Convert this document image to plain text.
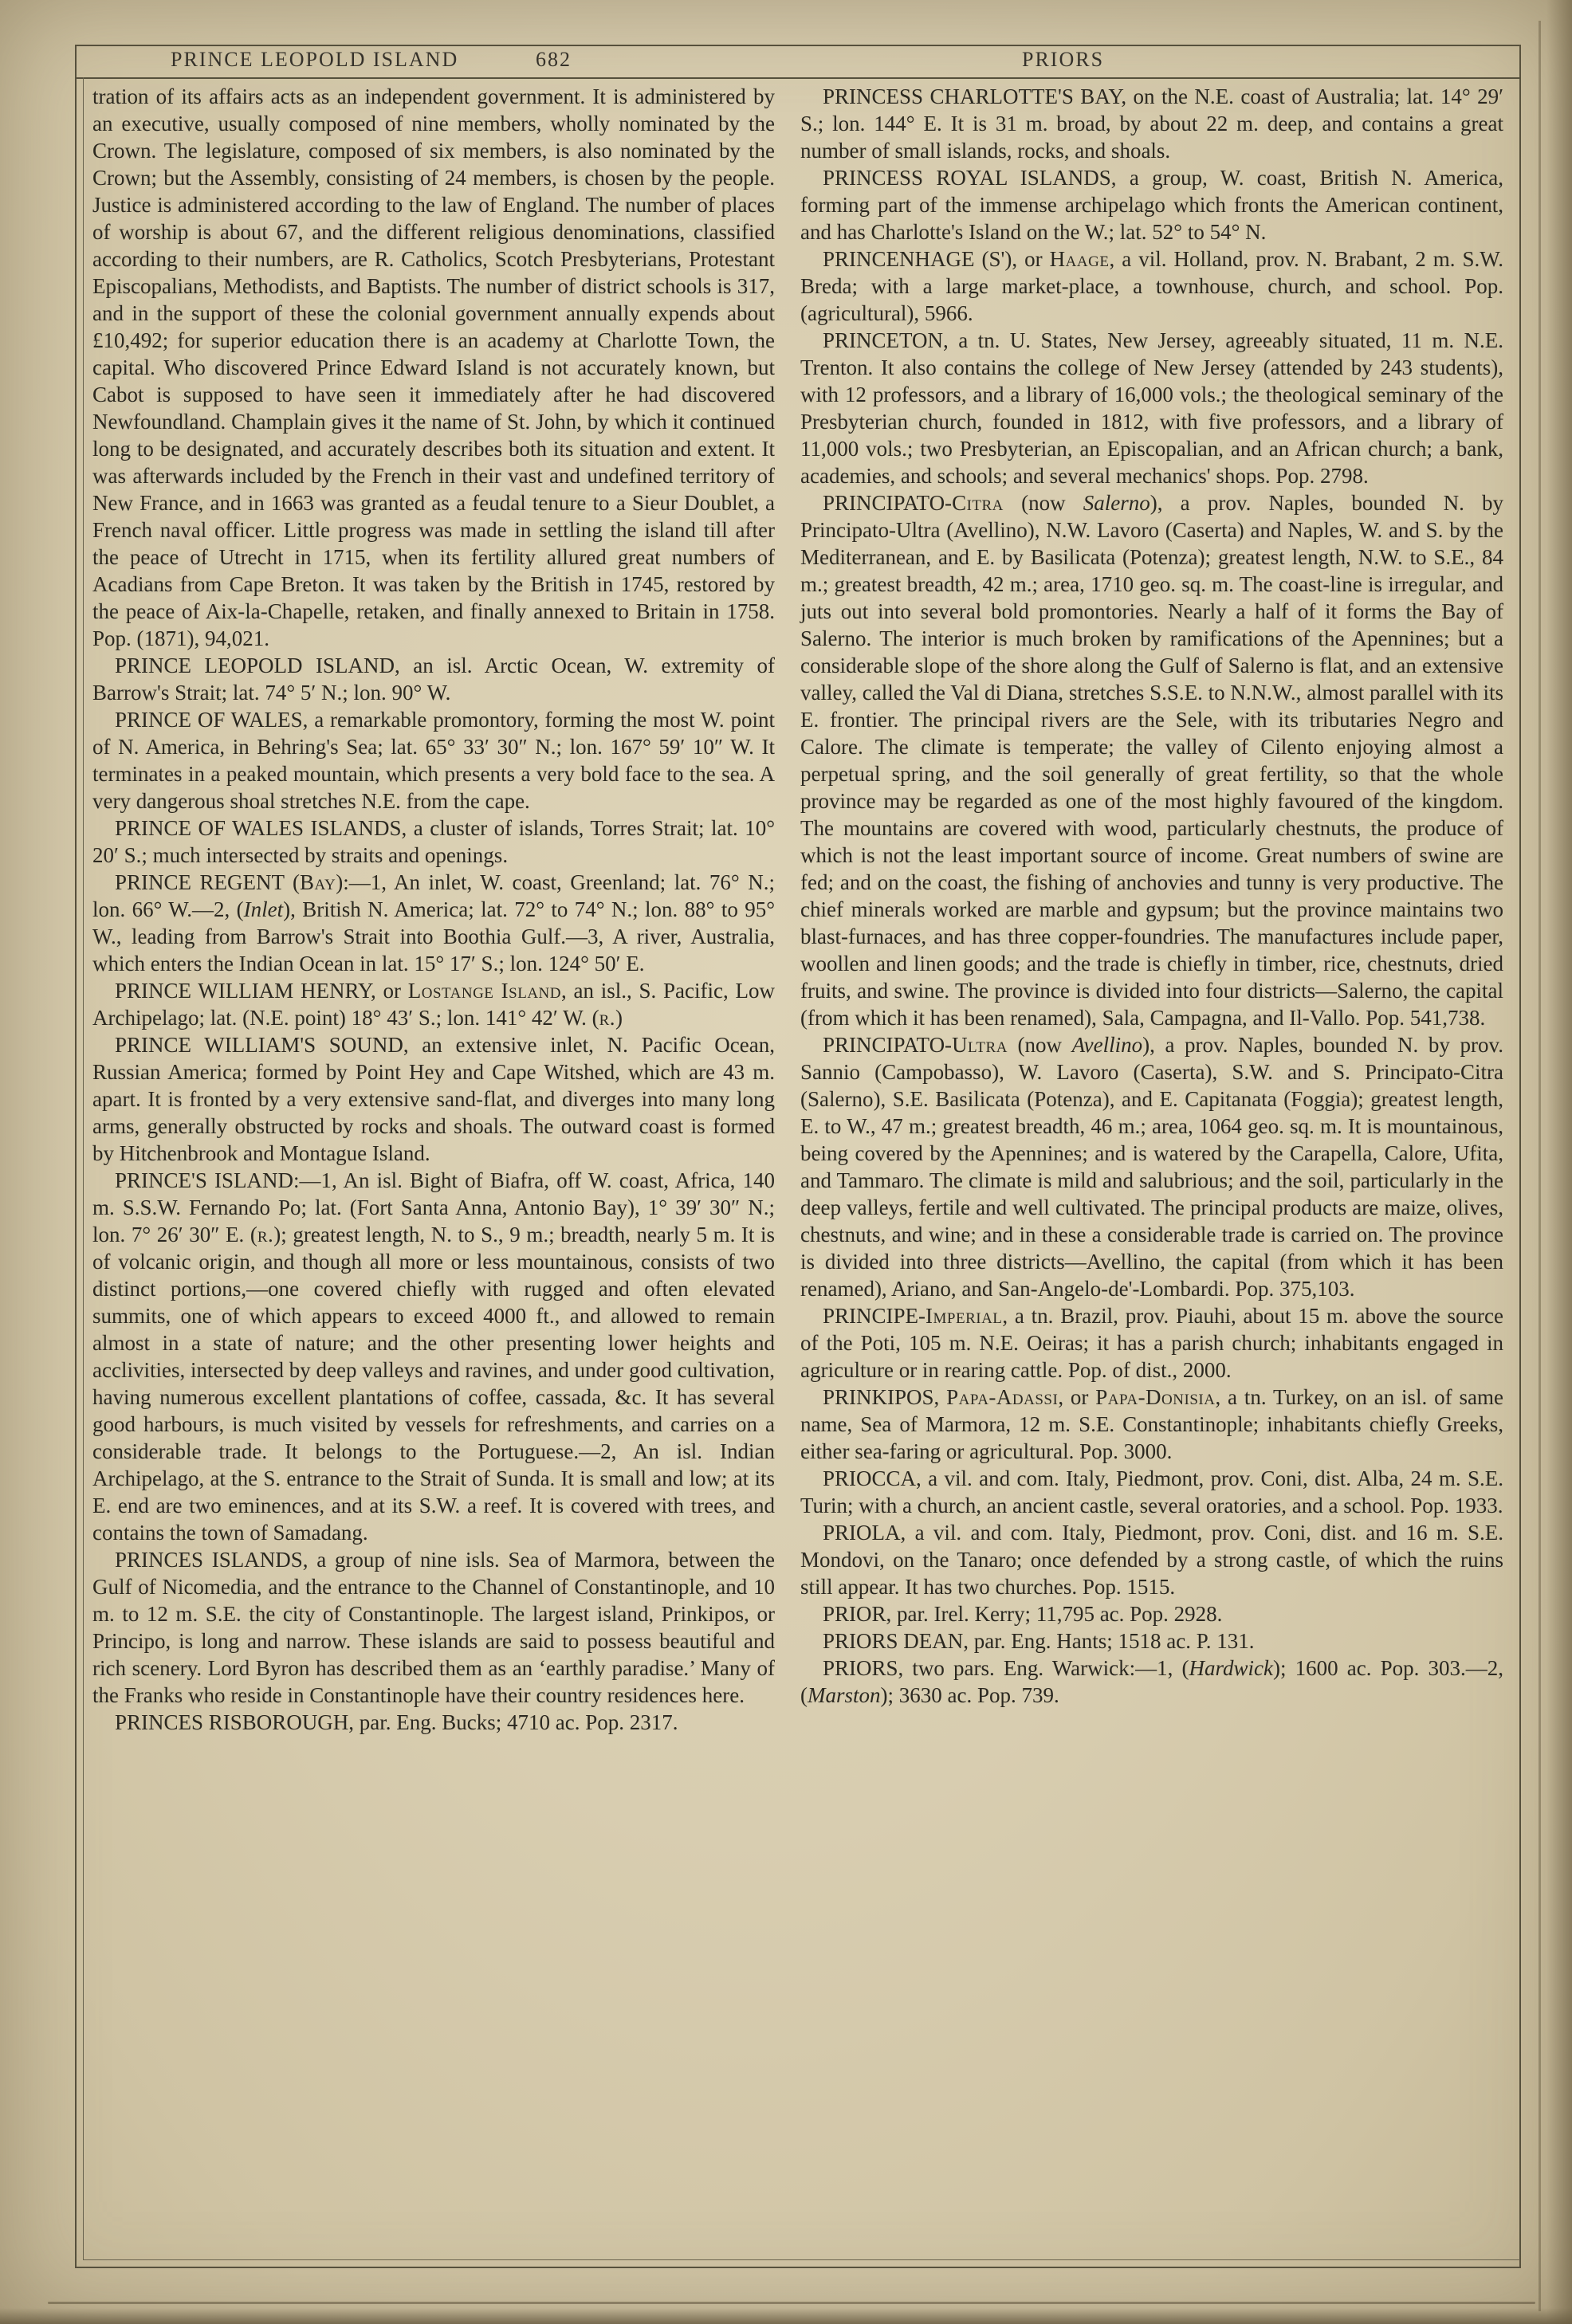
PRINCE LEOPOLD ISLAND	682	PRIORS

tration of its affairs acts as an independent government. It is administered by an executive, usually composed of nine members, wholly nominated by the Crown. The legislature, composed of six members, is also nominated by the Crown; but the Assembly, consisting of 24 members, is chosen by the people. Justice is administered according to the law of England. The number of places of worship is about 67, and the different religious denominations, classified according to their numbers, are R. Catholics, Scotch Presbyterians, Protestant Episcopalians, Methodists, and Baptists. The number of district schools is 317, and in the support of these the colonial government annually expends about £10,492; for superior education there is an academy at Charlotte Town, the capital. Who discovered Prince Edward Island is not accurately known, but Cabot is supposed to have seen it immediately after he had discovered Newfoundland. Champlain gives it the name of St. John, by which it continued long to be designated, and accurately describes both its situation and extent. It was afterwards included by the French in their vast and undefined territory of New France, and in 1663 was granted as a feudal tenure to a Sieur Doublet, a French naval officer. Little progress was made in settling the island till after the peace of Utrecht in 1715, when its fertility allured great numbers of Acadians from Cape Breton. It was taken by the British in 1745, restored by the peace of Aix-la-Chapelle, retaken, and finally annexed to Britain in 1758. Pop. (1871), 94,021.

PRINCE LEOPOLD ISLAND, an isl. Arctic Ocean, W. extremity of Barrow's Strait; lat. 74° 5′ N.; lon. 90° W.

PRINCE OF WALES, a remarkable promontory, forming the most W. point of N. America, in Behring's Sea; lat. 65° 33′ 30″ N.; lon. 167° 59′ 10″ W. It terminates in a peaked mountain, which presents a very bold face to the sea. A very dangerous shoal stretches N.E. from the cape.

PRINCE OF WALES ISLANDS, a cluster of islands, Torres Strait; lat. 10° 20′ S.; much intersected by straits and openings.

PRINCE REGENT (Bay):—1, An inlet, W. coast, Greenland; lat. 76° N.; lon. 66° W.—2, (Inlet), British N. America; lat. 72° to 74° N.; lon. 88° to 95° W., leading from Barrow's Strait into Boothia Gulf.—3, A river, Australia, which enters the Indian Ocean in lat. 15° 17′ S.; lon. 124° 50′ E.

PRINCE WILLIAM HENRY, or Lostange Island, an isl., S. Pacific, Low Archipelago; lat. (N.E. point) 18° 43′ S.; lon. 141° 42′ W. (r.)

PRINCE WILLIAM'S SOUND, an extensive inlet, N. Pacific Ocean, Russian America; formed by Point Hey and Cape Witshed, which are 43 m. apart. It is fronted by a very extensive sand-flat, and diverges into many long arms, generally obstructed by rocks and shoals. The outward coast is formed by Hitchenbrook and Montague Island.

PRINCE'S ISLAND:—1, An isl. Bight of Biafra, off W. coast, Africa, 140 m. S.S.W. Fernando Po; lat. (Fort Santa Anna, Antonio Bay), 1° 39′ 30″ N.; lon. 7° 26′ 30″ E. (r.); greatest length, N. to S., 9 m.; breadth, nearly 5 m. It is of volcanic origin, and though all more or less mountainous, consists of two distinct portions,—one covered chiefly with rugged and often elevated summits, one of which appears to exceed 4000 ft., and allowed to remain almost in a state of nature; and the other presenting lower heights and acclivities, intersected by deep valleys and ravines, and under good cultivation, having numerous excellent plantations of coffee, cassada, &c. It has several good harbours, is much visited by vessels for refreshments, and carries on a considerable trade. It belongs to the Portuguese.—2, An isl. Indian Archipelago, at the S. entrance to the Strait of Sunda. It is small and low; at its E. end are two eminences, and at its S.W. a reef. It is covered with trees, and contains the town of Samadang.

PRINCES ISLANDS, a group of nine isls. Sea of Marmora, between the Gulf of Nicomedia, and the entrance to the Channel of Constantinople, and 10 m. to 12 m. S.E. the city of Constantinople. The largest island, Prinkipos, or Principo, is long and narrow. These islands are said to possess beautiful and rich scenery. Lord Byron has described them as an ‘earthly paradise.’ Many of the Franks who reside in Constantinople have their country residences here.

PRINCES RISBOROUGH, par. Eng. Bucks; 4710 ac. Pop. 2317.

PRINCESS CHARLOTTE'S BAY, on the N.E. coast of Australia; lat. 14° 29′ S.; lon. 144° E. It is 31 m. broad, by about 22 m. deep, and contains a great number of small islands, rocks, and shoals.

PRINCESS ROYAL ISLANDS, a group, W. coast, British N. America, forming part of the immense archipelago which fronts the American continent, and has Charlotte's Island on the W.; lat. 52° to 54° N.

PRINCENHAGE (S'), or Haage, a vil. Holland, prov. N. Brabant, 2 m. S.W. Breda; with a large market-place, a townhouse, church, and school. Pop. (agricultural), 5966.

PRINCETON, a tn. U. States, New Jersey, agreeably situated, 11 m. N.E. Trenton. It also contains the college of New Jersey (attended by 243 students), with 12 professors, and a library of 16,000 vols.; the theological seminary of the Presbyterian church, founded in 1812, with five professors, and a library of 11,000 vols.; two Presbyterian, an Episcopalian, and an African church; a bank, academies, and schools; and several mechanics' shops. Pop. 2798.

PRINCIPATO-Citra (now Salerno), a prov. Naples, bounded N. by Principato-Ultra (Avellino), N.W. Lavoro (Caserta) and Naples, W. and S. by the Mediterranean, and E. by Basilicata (Potenza); greatest length, N.W. to S.E., 84 m.; greatest breadth, 42 m.; area, 1710 geo. sq. m. The coast-line is irregular, and juts out into several bold promontories. Nearly a half of it forms the Bay of Salerno. The interior is much broken by ramifications of the Apennines; but a considerable slope of the shore along the Gulf of Salerno is flat, and an extensive valley, called the Val di Diana, stretches S.S.E. to N.N.W., almost parallel with its E. frontier. The principal rivers are the Sele, with its tributaries Negro and Calore. The climate is temperate; the valley of Cilento enjoying almost a perpetual spring, and the soil generally of great fertility, so that the whole province may be regarded as one of the most highly favoured of the kingdom. The mountains are covered with wood, particularly chestnuts, the produce of which is not the least important source of income. Great numbers of swine are fed; and on the coast, the fishing of anchovies and tunny is very productive. The chief minerals worked are marble and gypsum; but the province maintains two blast-furnaces, and has three copper-foundries. The manufactures include paper, woollen and linen goods; and the trade is chiefly in timber, rice, chestnuts, dried fruits, and swine. The province is divided into four districts—Salerno, the capital (from which it has been renamed), Sala, Campagna, and Il-Vallo. Pop. 541,738.

PRINCIPATO-Ultra (now Avellino), a prov. Naples, bounded N. by prov. Sannio (Campobasso), W. Lavoro (Caserta), S.W. and S. Principato-Citra (Salerno), S.E. Basilicata (Potenza), and E. Capitanata (Foggia); greatest length, E. to W., 47 m.; greatest breadth, 46 m.; area, 1064 geo. sq. m. It is mountainous, being covered by the Apennines; and is watered by the Carapella, Calore, Ufita, and Tammaro. The climate is mild and salubrious; and the soil, particularly in the deep valleys, fertile and well cultivated. The principal products are maize, olives, chestnuts, and wine; and in these a considerable trade is carried on. The province is divided into three districts—Avellino, the capital (from which it has been renamed), Ariano, and San-Angelo-de'-Lombardi. Pop. 375,103.

PRINCIPE-Imperial, a tn. Brazil, prov. Piauhi, about 15 m. above the source of the Poti, 105 m. N.E. Oeiras; it has a parish church; inhabitants engaged in agriculture or in rearing cattle. Pop. of dist., 2000.

PRINKIPOS, Papa-Adassi, or Papa-Donisia, a tn. Turkey, on an isl. of same name, Sea of Marmora, 12 m. S.E. Constantinople; inhabitants chiefly Greeks, either sea-faring or agricultural. Pop. 3000.

PRIOCCA, a vil. and com. Italy, Piedmont, prov. Coni, dist. Alba, 24 m. S.E. Turin; with a church, an ancient castle, several oratories, and a school. Pop. 1933.

PRIOLA, a vil. and com. Italy, Piedmont, prov. Coni, dist. and 16 m. S.E. Mondovi, on the Tanaro; once defended by a strong castle, of which the ruins still appear. It has two churches. Pop. 1515.

PRIOR, par. Irel. Kerry; 11,795 ac. Pop. 2928.

PRIORS DEAN, par. Eng. Hants; 1518 ac. P. 131.

PRIORS, two pars. Eng. Warwick:—1, (Hardwick); 1600 ac. Pop. 303.—2, (Marston); 3630 ac. Pop. 739.
